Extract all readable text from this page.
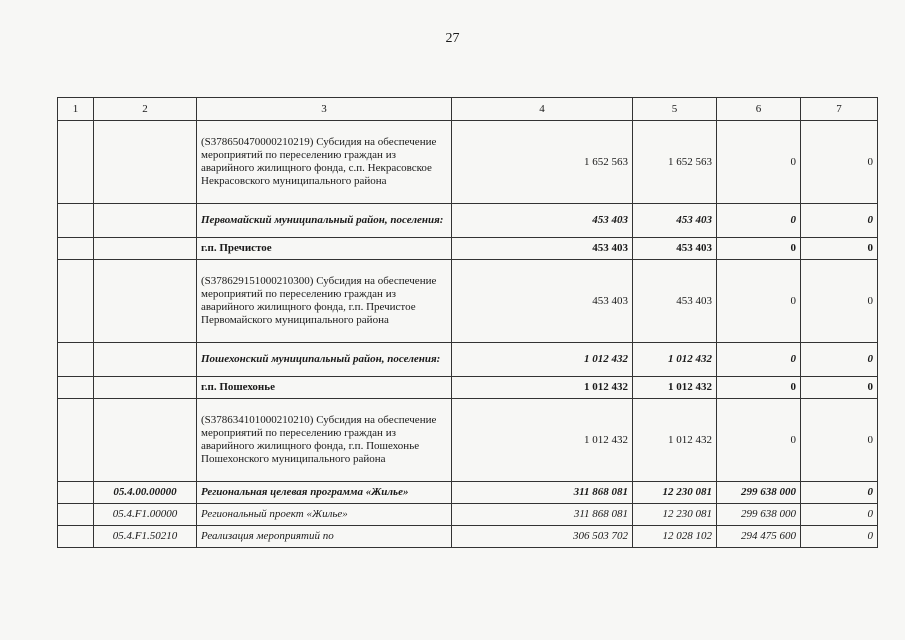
27
1	2	3	4	5	6	7
		(S378650470000210219) Субсидия на обеспечение мероприятий по переселению граждан из аварийного жилищного фонда, с.п. Некрасовское Некрасовского муниципального района	1 652 563	1 652 563	0	0
		Первомайский муниципальный район, поселения:	453 403	453 403	0	0
		г.п. Пречистое	453 403	453 403	0	0
		(S378629151000210300) Субсидия на обеспечение мероприятий по переселению граждан из аварийного жилищного фонда, г.п. Пречистое Первомайского муниципального района	453 403	453 403	0	0
		Пошехонский муниципальный район, поселения:	1 012 432	1 012 432	0	0
		г.п. Пошехонье	1 012 432	1 012 432	0	0
		(S378634101000210210) Субсидия на обеспечение мероприятий по переселению граждан из аварийного жилищного фонда, г.п. Пошехонье Пошехонского муниципального района	1 012 432	1 012 432	0	0
	05.4.00.00000	Региональная целевая программа «Жилье»	311 868 081	12 230 081	299 638 000	0
	05.4.F1.00000	Региональный проект «Жилье»	311 868 081	12 230 081	299 638 000	0
	05.4.F1.50210	Реализация мероприятий по	306 503 702	12 028 102	294 475 600	0
